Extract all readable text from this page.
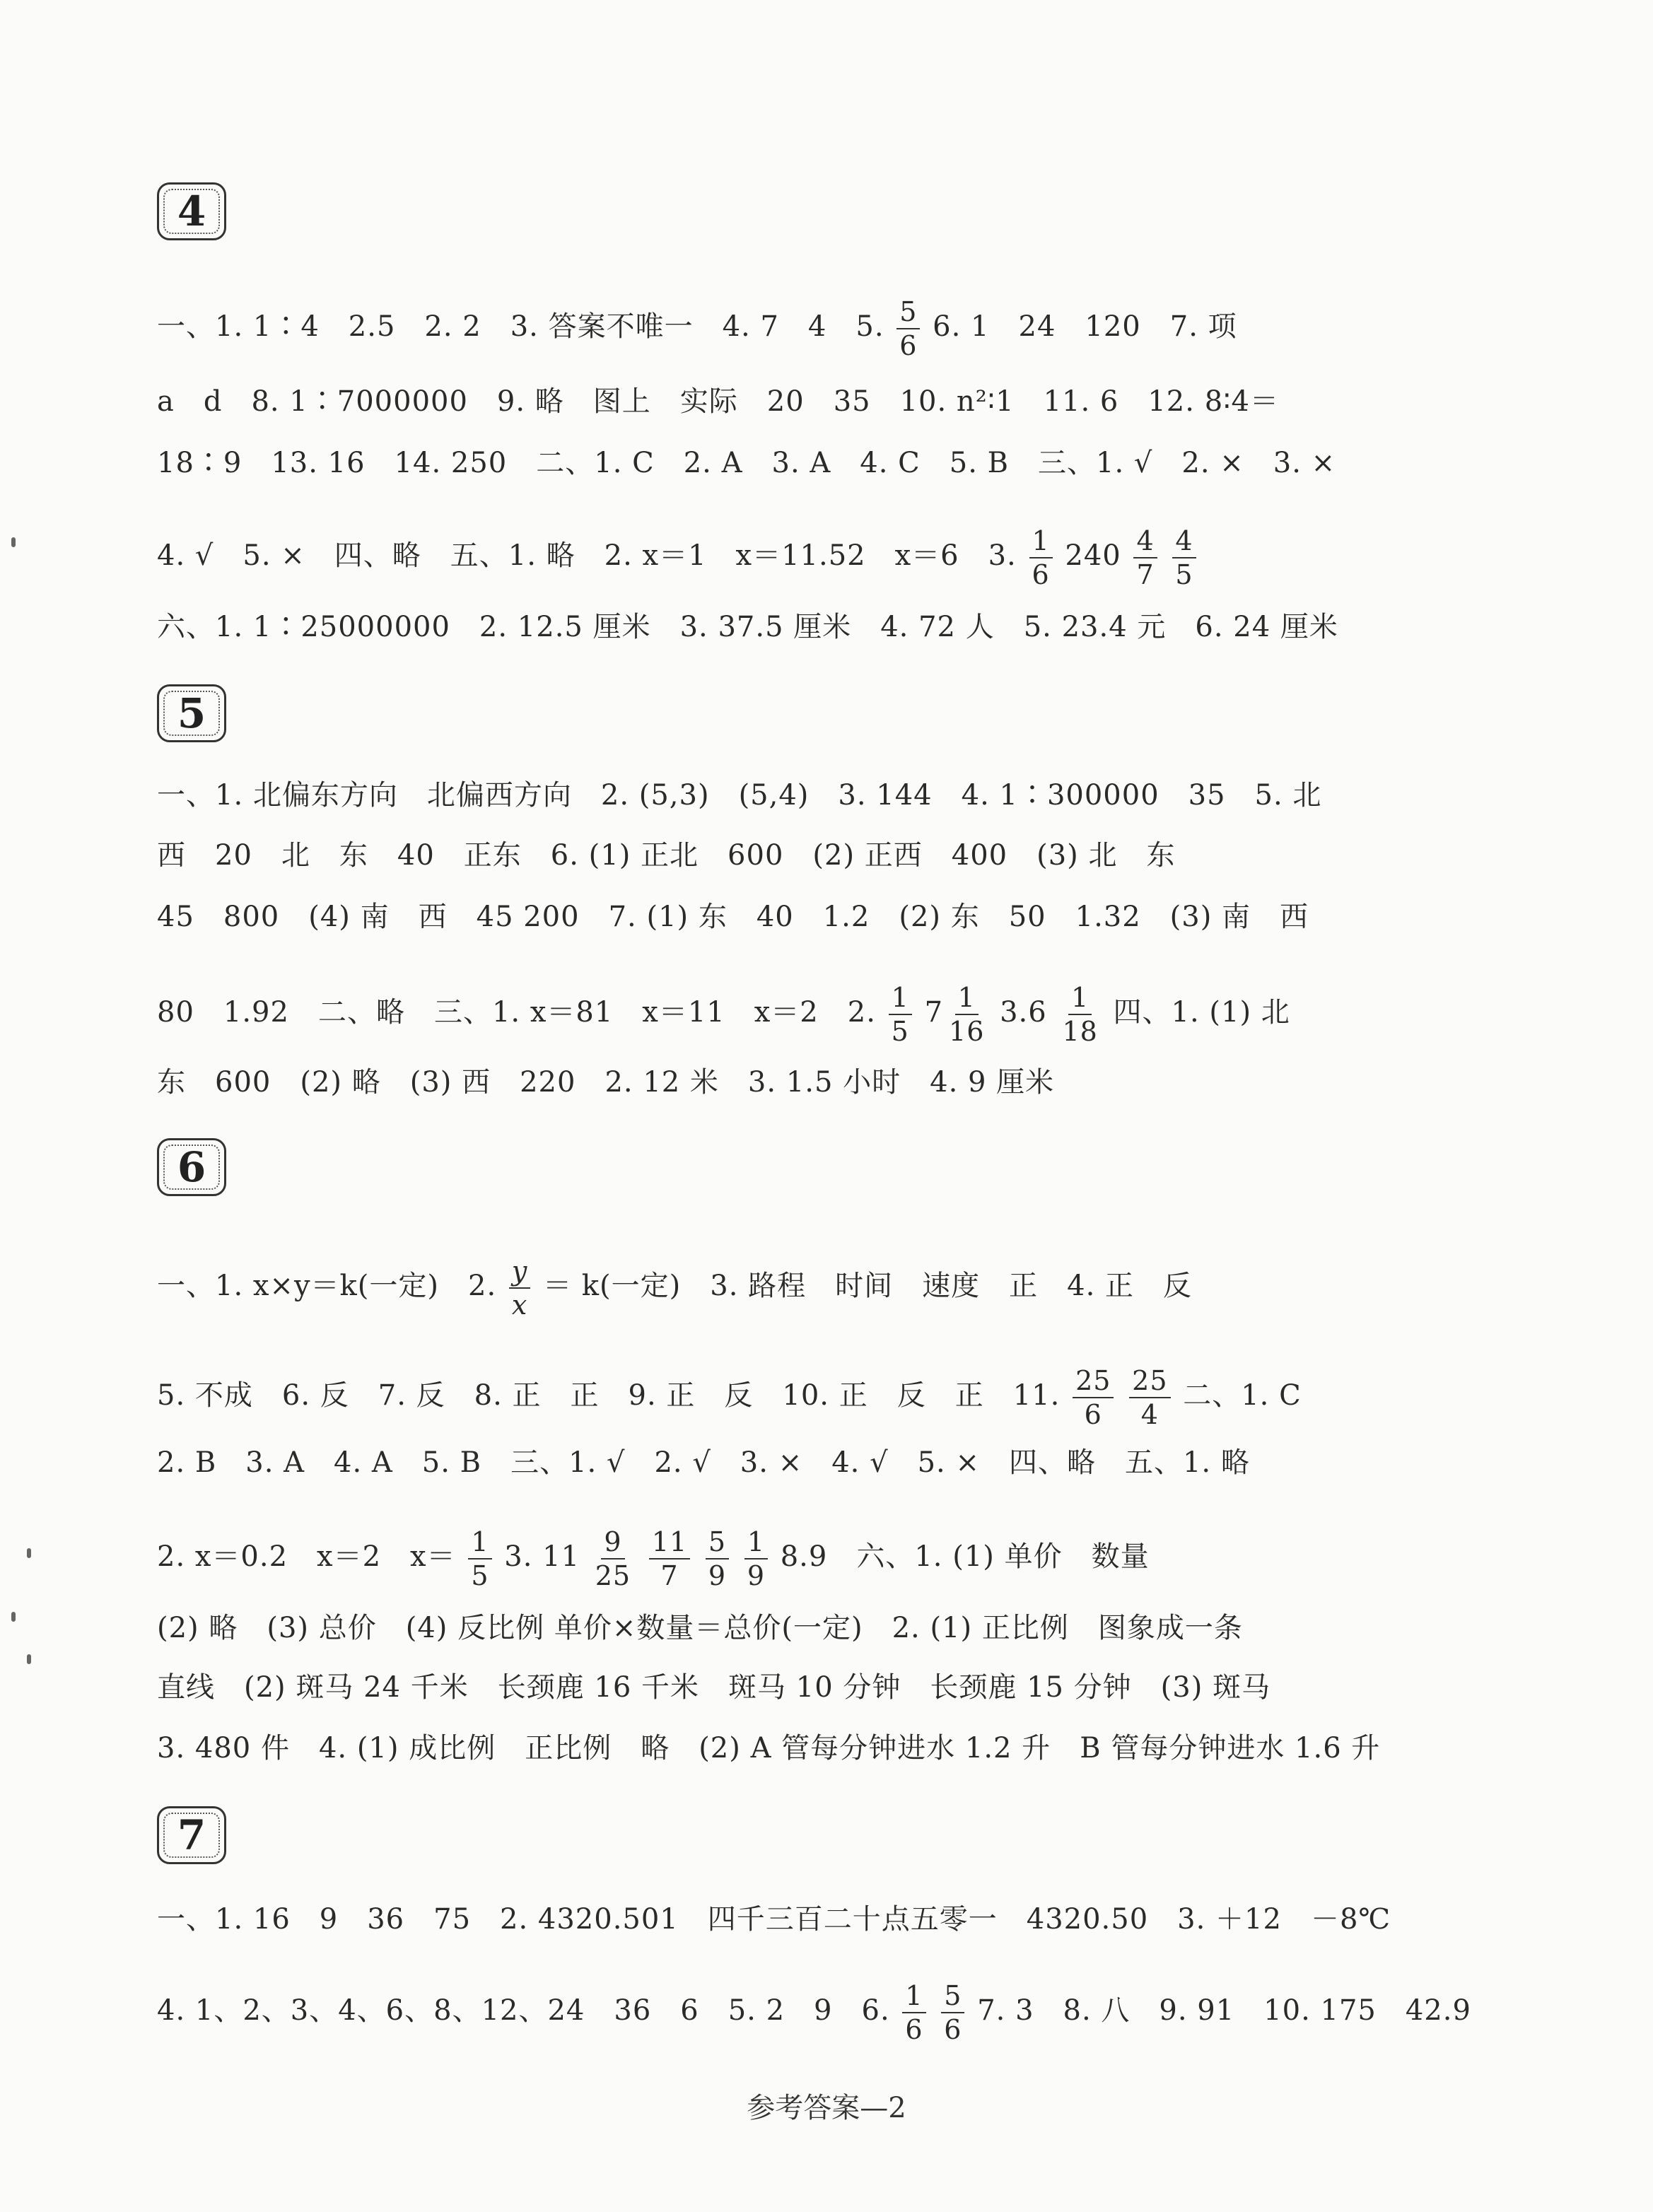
4
一、1. 1∶4　2.5　2. 2　3. 答案不唯一　4. 7　4　5. $\frac{5}{6} 6$. 1　24　120　7. 项
a　d　8. 1∶7000000　9. 略　图上　实际　20　35　10. n²∶1　11. 6　12. 8∶4＝
18∶9　13. 16　14. 250　二、1. C　2. A　3. A　4. C　5. B　三、1. √　2. ×　3. ×
4. √　5. ×　四、略　五、1. 略　2. x＝1　x＝11.52　x＝6　3. $\frac{1}{6} 240 \frac{4}{7}$
$\frac{4}{5}$
六、1. 1∶25000000　2. 12.5 厘米　3. 37.5 厘米　4. 72 人　5. 23.4 元　6. 24 厘米
5
一、1. 北偏东方向　北偏西方向　2. (5,3)　(5,4)　3. 144　4. 1∶300000　35　5. 北
西　20　北　东　40　正东　6. (1) 正北　600　(2) 正西　400　(3) 北　东
45　800　(4) 南　西　45 200　7. (1) 东　40　1.2　(2) 东　50　1.32　(3) 南　西
80　1.92　二、略　三、1. x＝81　x＝11　x＝2　2. $\frac{1}{5} 7 \frac{1}{16} 3.6 \frac{1}{18}$ 四、1. (1) 北
东　600　(2) 略　(3) 西　220　2. 12 米　3. 1.5 小时　4. 9 厘米
6
一、1. x×y＝k(一定)　2. $\frac{y}{x} = k$(一定)　3. 路程　时间　速度　正　4. 正　反
5. 不成　6. 反　7. 反　8. 正　正　9. 正　反　10. 正　反　正　11. $\frac{25}{6}$
$\frac{25}{4}$ 二、1. C
2. B　3. A　4. A　5. B　三、1. √　2. √　3. ×　4. √　5. ×　四、略　五、1. 略
2. x＝0.2　x＝2　$x= \frac{1}{5} 3$. $11 \frac{9}{25}$
$\frac{11}{7}$
$\frac{5}{9}$
$\frac{1}{9} 8.9$　六、1. (1) 单价　数量
(2) 略　(3) 总价　(4) 反比例 单价×数量＝总价(一定)　2. (1) 正比例　图象成一条
直线　(2) 斑马 24 千米　长颈鹿 16 千米　斑马 10 分钟　长颈鹿 15 分钟　(3) 斑马
3. 480 件　4. (1) 成比例　正比例　略　(2) A 管每分钟进水 1.2 升　B 管每分钟进水 1.6 升
7
一、1. 16　9　36　75　2. 4320.501　四千三百二十点五零一　4320.50　3. ＋12　－8℃
4. 1、2、3、4、6、8、12、24　36　6　5. 2　9　6. $\frac{1}{6}$
$\frac{5}{6} 7$. 3　8. 八　9. 91　10. 175　42.9
参考答案—2
